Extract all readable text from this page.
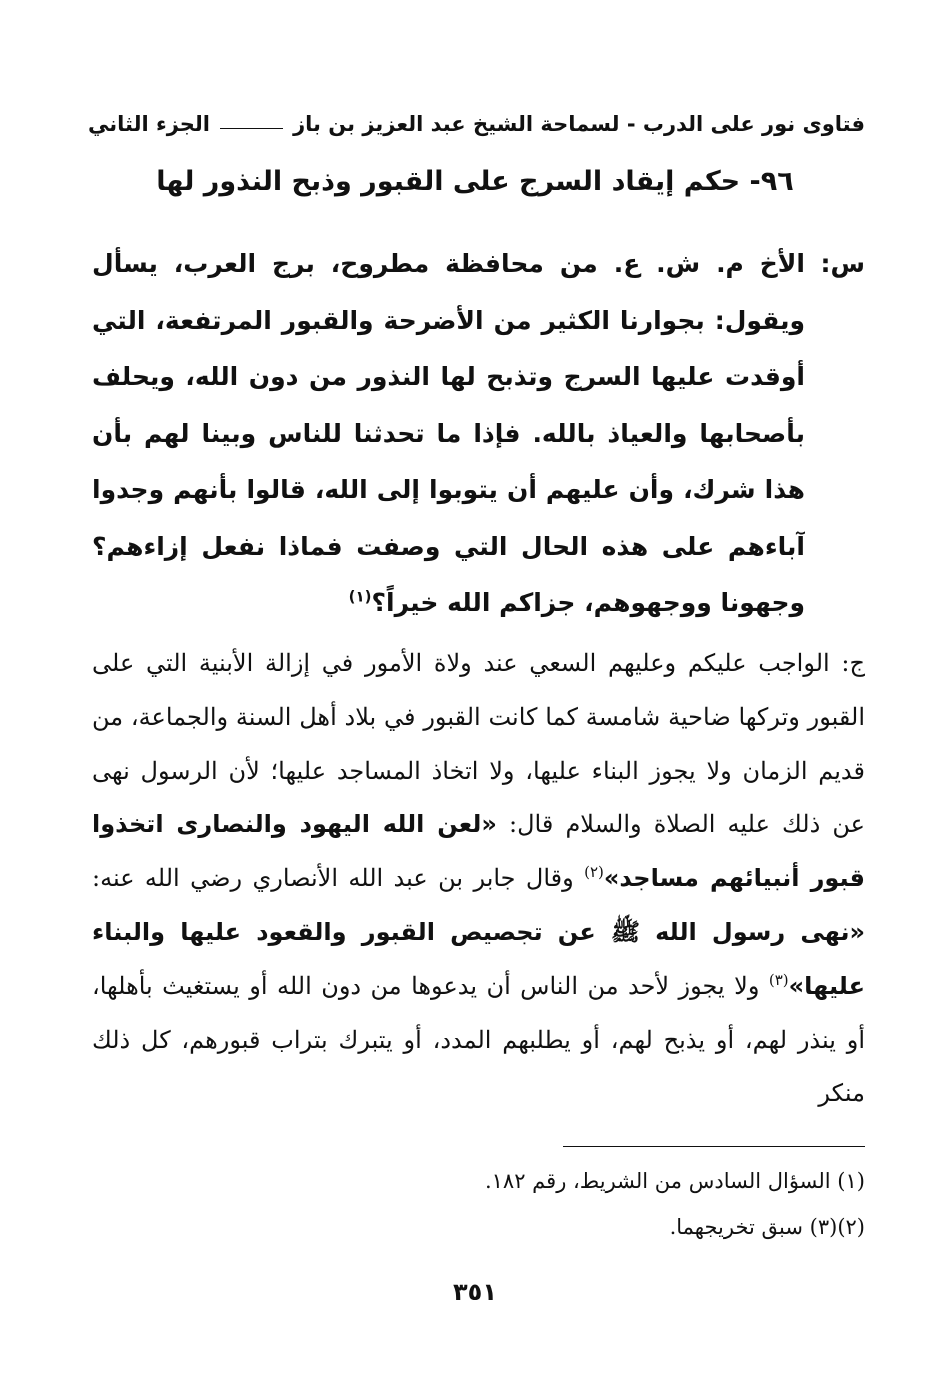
فتاوى نور على الدرب - لسماحة الشيخ عبد العزيز بن باز
الجزء الثاني
٩٦- حكم إيقاد السرج على القبور وذبح النذور لها
س:
الأخ م. ش. ع. من محافظة مطروح، برج العرب، يسأل ويقول: بجوارنا الكثير من الأضرحة والقبور المرتفعة، التي أوقدت عليها السرج وتذبح لها النذور من دون الله، ويحلف بأصحابها والعياذ بالله. فإذا ما تحدثنا للناس وبينا لهم بأن هذا شرك، وأن عليهم أن يتوبوا إلى الله، قالوا بأنهم وجدوا آباءهم على هذه الحال التي وصفت فماذا نفعل إزاءهم؟ وجهونا ووجهوهم، جزاكم الله خيراً؟$^{(١)}$
ج: الواجب عليكم وعليهم السعي عند ولاة الأمور في إزالة الأبنية التي على القبور وتركها ضاحية شامسة كما كانت القبور في بلاد أهل السنة والجماعة، من قديم الزمان ولا يجوز البناء عليها، ولا اتخاذ المساجد عليها؛ لأن الرسول نهى عن ذلك عليه الصلاة والسلام قال: «لعن الله اليهود والنصارى اتخذوا قبور أنبيائهم مساجد»$^{(٢)}$ وقال جابر بن عبد الله الأنصاري رضي الله عنه: «نهى رسول الله ﷺ عن تجصيص القبور والقعود عليها والبناء عليها»$^{(٣)}$ ولا يجوز لأحد من الناس أن يدعوها من دون الله أو يستغيث بأهلها، أو ينذر لهم، أو يذبح لهم، أو يطلبهم المدد، أو يتبرك بتراب قبورهم، كل ذلك منكر
(١) السؤال السادس من الشريط، رقم ١٨٢.
(٢)(٣) سبق تخريجهما.
٣٥١
